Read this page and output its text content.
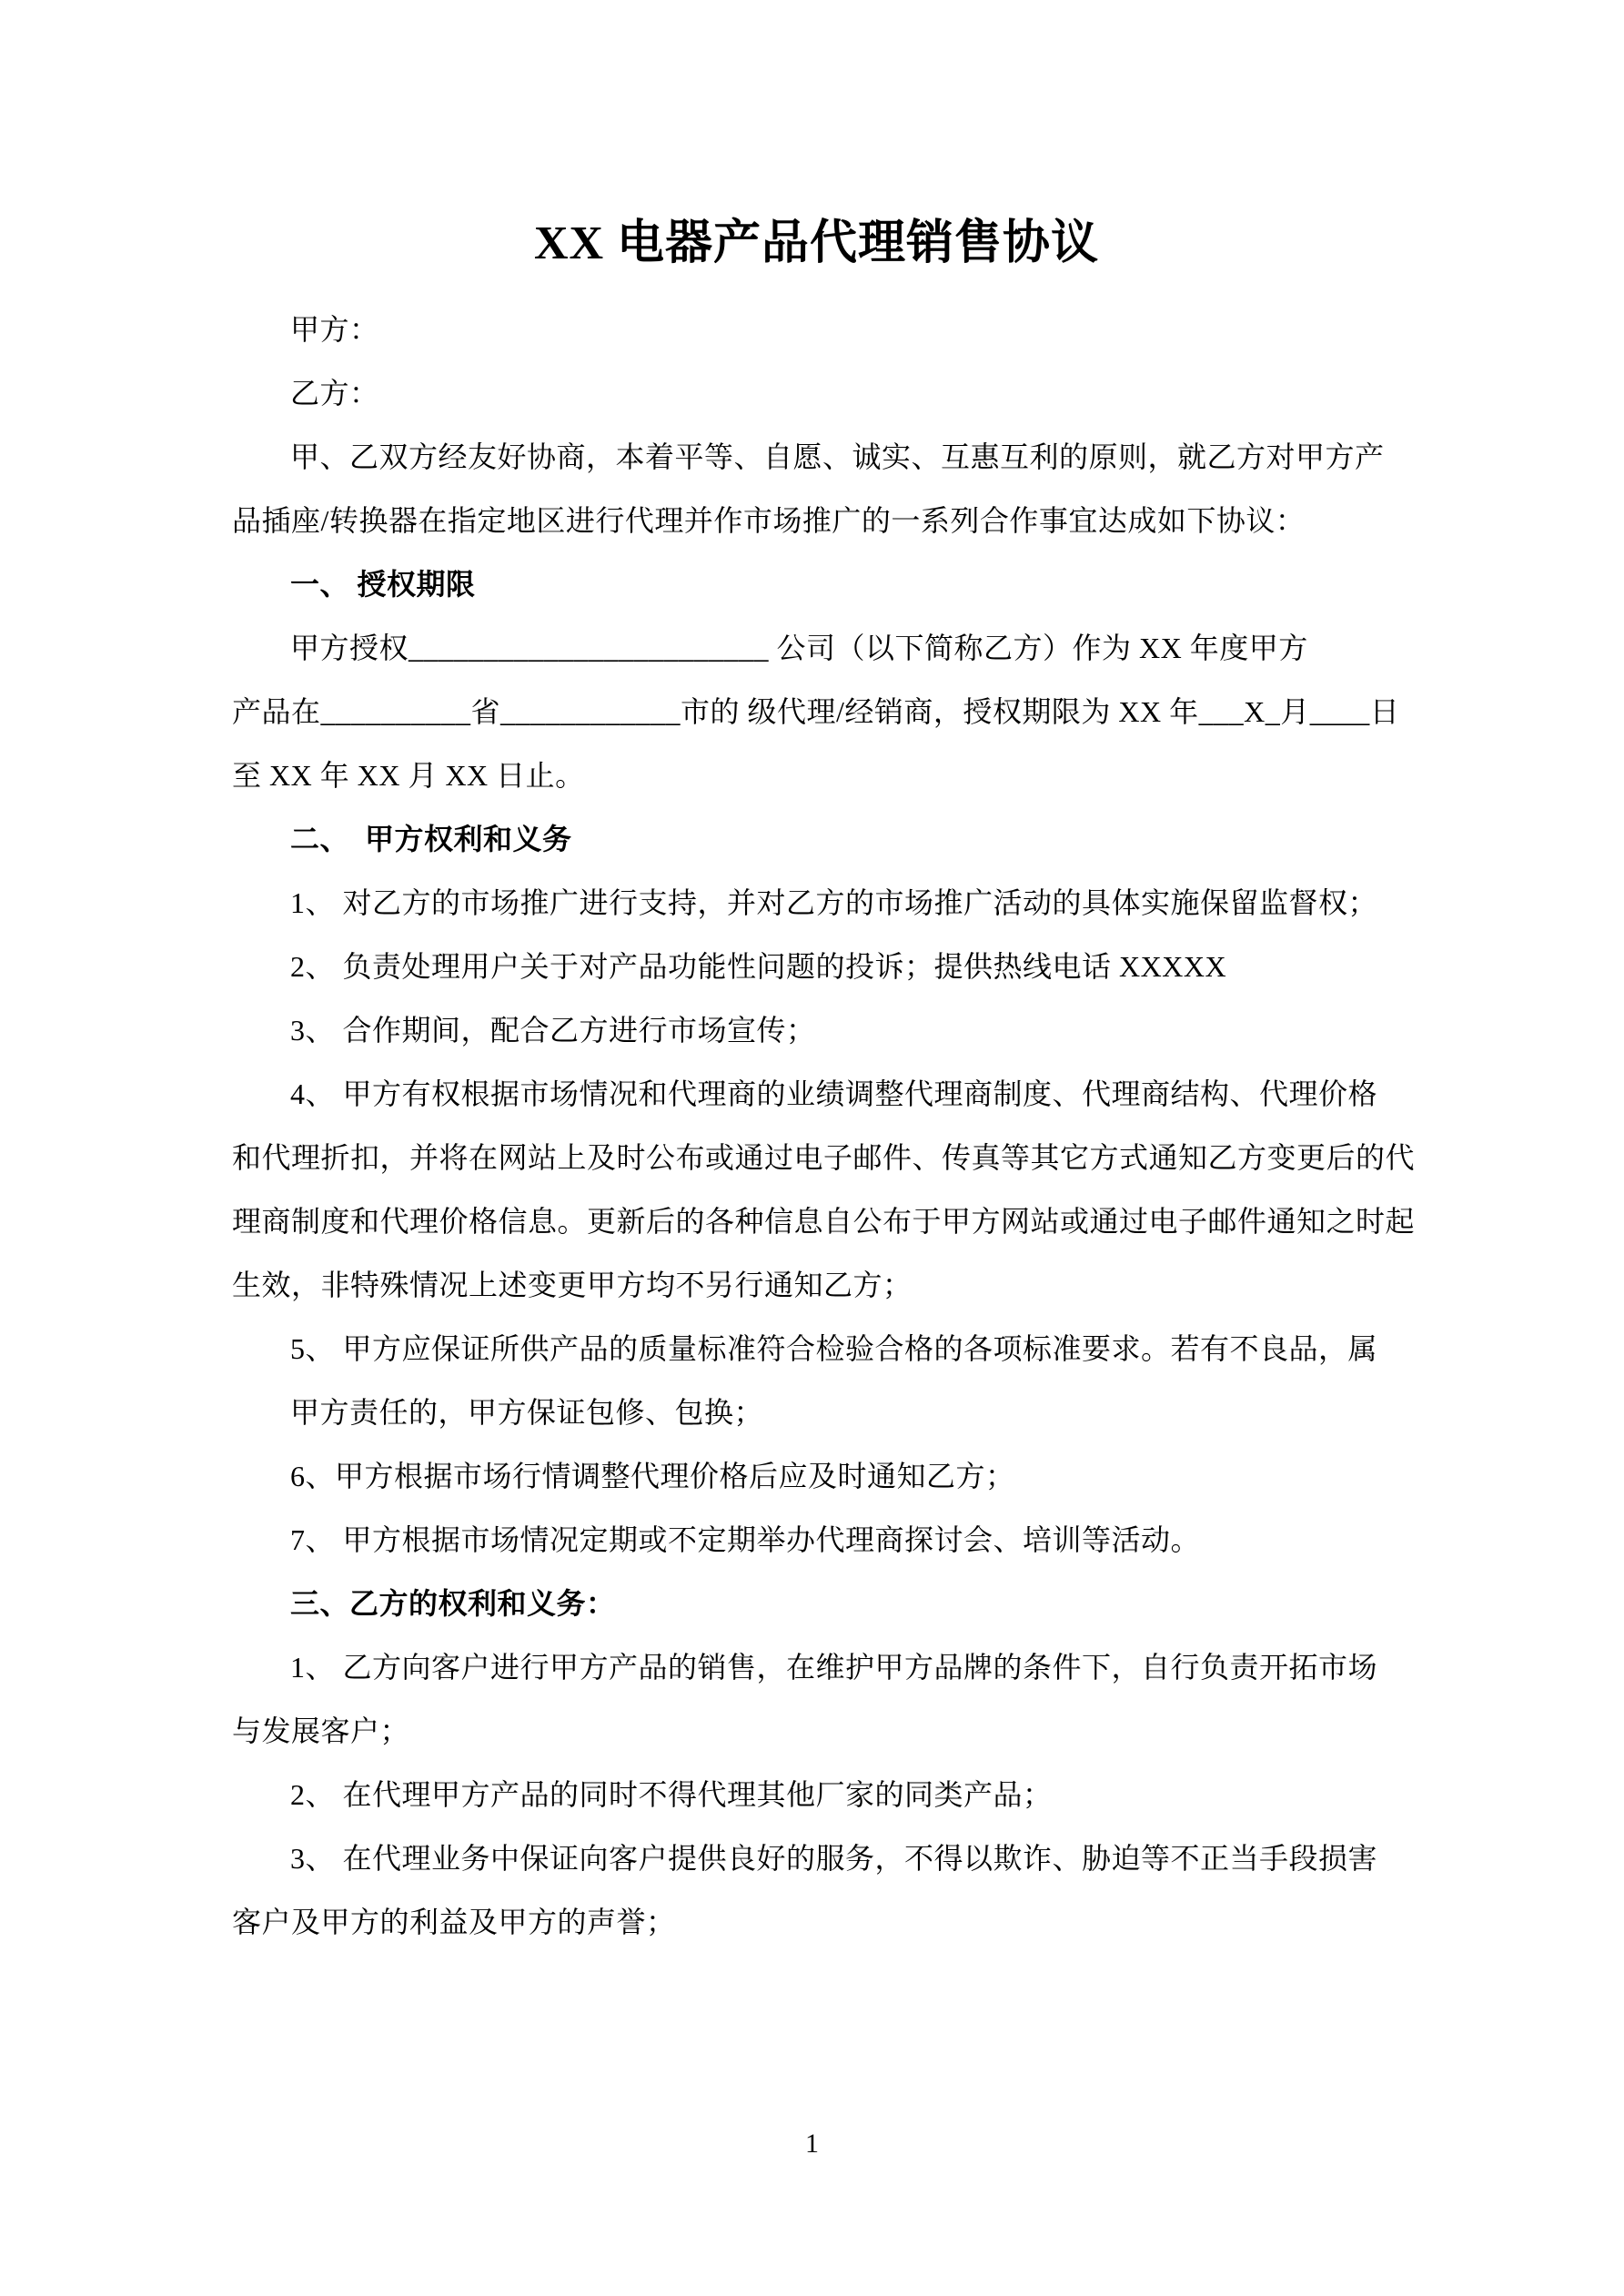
XX 电器产品代理销售协议

甲方：

乙方：

甲、乙双方经友好协商，本着平等、自愿、诚实、互惠互利的原则，就乙方对甲方产

品插座/转换器在指定地区进行代理并作市场推广的一系列合作事宜达成如下协议：

一、 授权期限

甲方授权________________________ 公司（以下简称乙方）作为 XX 年度甲方

产品在__________省____________市的 级代理/经销商，授权期限为 XX 年___X_月____日

至 XX 年 XX 月 XX 日止。

二、  甲方权利和义务

1、 对乙方的市场推广进行支持，并对乙方的市场推广活动的具体实施保留监督权；

2、 负责处理用户关于对产品功能性问题的投诉；提供热线电话 XXXXX

3、 合作期间，配合乙方进行市场宣传；

4、 甲方有权根据市场情况和代理商的业绩调整代理商制度、代理商结构、代理价格

和代理折扣，并将在网站上及时公布或通过电子邮件、传真等其它方式通知乙方变更后的代

理商制度和代理价格信息。更新后的各种信息自公布于甲方网站或通过电子邮件通知之时起

生效，非特殊情况上述变更甲方均不另行通知乙方；

5、 甲方应保证所供产品的质量标准符合检验合格的各项标准要求。若有不良品，属

甲方责任的，甲方保证包修、包换；

6、甲方根据市场行情调整代理价格后应及时通知乙方；

7、 甲方根据市场情况定期或不定期举办代理商探讨会、培训等活动。

三、乙方的权利和义务：

1、 乙方向客户进行甲方产品的销售，在维护甲方品牌的条件下，自行负责开拓市场

与发展客户；

2、 在代理甲方产品的同时不得代理其他厂家的同类产品；

3、 在代理业务中保证向客户提供良好的服务，不得以欺诈、胁迫等不正当手段损害

客户及甲方的利益及甲方的声誉；

1
